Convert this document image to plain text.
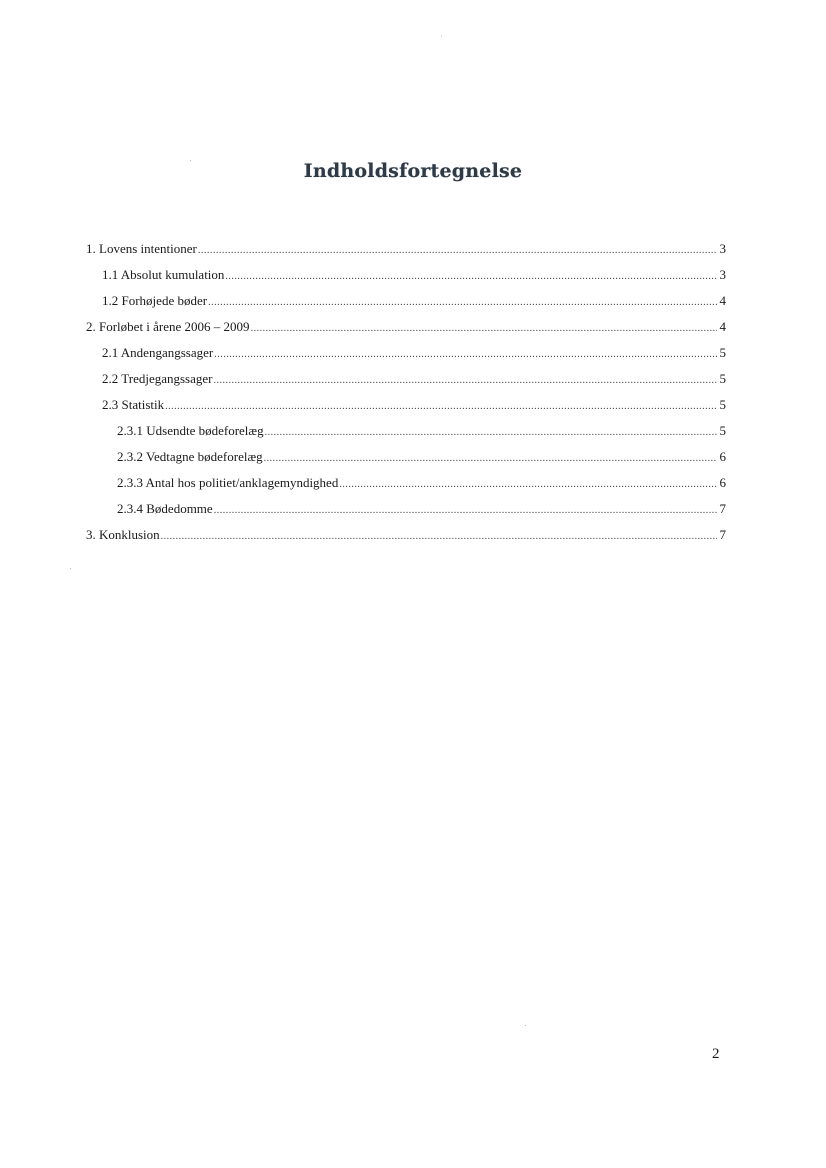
Indholdsfortegnelse
1. Lovens intentioner .....	3
1.1 Absolut kumulation .....	3
1.2 Forhøjede bøder .....	4
2. Forløbet i årene 2006 – 2009 .....	4
2.1 Andengangssager .....	5
2.2 Tredjegangssager .....	5
2.3 Statistik .....	5
2.3.1 Udsendte bødeforelæg .....	5
2.3.2 Vedtagne bødeforelæg .....	6
2.3.3 Antal hos politiet/anklagemyndighed .....	6
2.3.4 Bødedomme .....	7
3. Konklusion .....	7
2
